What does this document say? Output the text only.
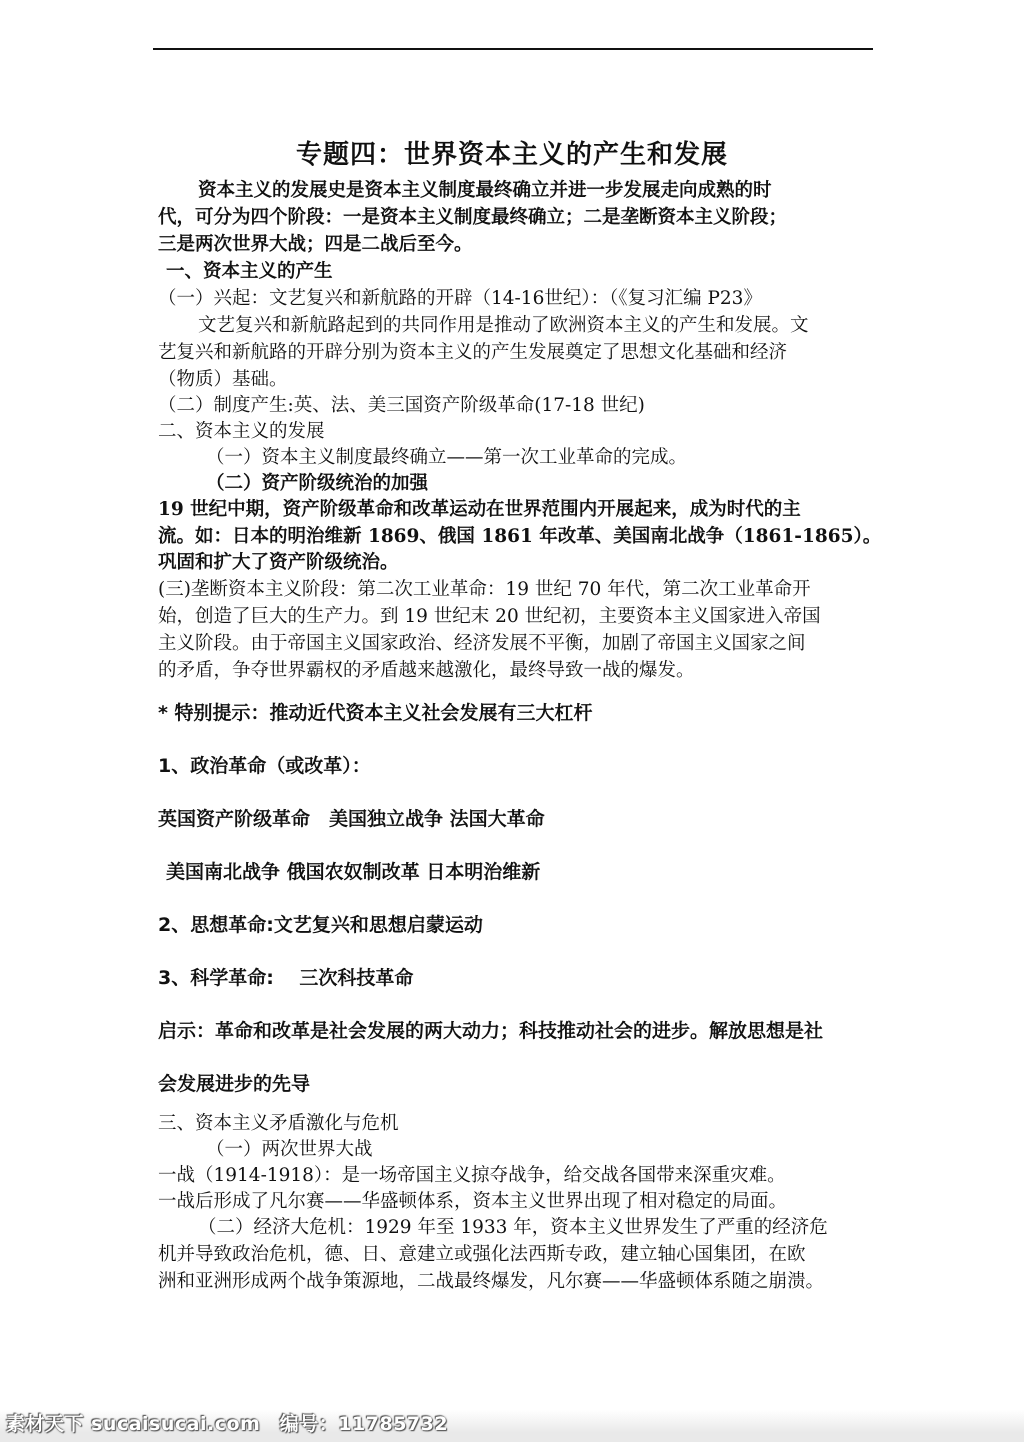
专题四：世界资本主义的产生和发展
资本主义的发展史是资本主义制度最终确立并进一步发展走向成熟的时
代，可分为四个阶段：一是资本主义制度最终确立；二是垄断资本主义阶段；
三是两次世界大战；四是二战后至今。
一、资本主义的产生
（一）兴起：文艺复兴和新航路的开辟（14-16世纪）：（《复习汇编 P23》
文艺复兴和新航路起到的共同作用是推动了欧洲资本主义的产生和发展。文
艺复兴和新航路的开辟分别为资本主义的产生发展奠定了思想文化基础和经济
（物质）基础。
（二）制度产生:英、法、美三国资产阶级革命(17-18 世纪)
二、资本主义的发展
（一）资本主义制度最终确立——第一次工业革命的完成。
（二）资产阶级统治的加强
19 世纪中期，资产阶级革命和改革运动在世界范围内开展起来，成为时代的主
流。如：日本的明治维新 1869、俄国 1861 年改革、美国南北战争（1861-1865）。
巩固和扩大了资产阶级统治。
(三)垄断资本主义阶段：第二次工业革命：19 世纪 70 年代，第二次工业革命开
始，创造了巨大的生产力。到 19 世纪末 20 世纪初，主要资本主义国家进入帝国
主义阶段。由于帝国主义国家政治、经济发展不平衡，加剧了帝国主义国家之间
的矛盾，争夺世界霸权的矛盾越来越激化，最终导致一战的爆发。
* 特别提示：推动近代资本主义社会发展有三大杠杆
1、政治革命（或改革）：
英国资产阶级革命　美国独立战争 法国大革命
美国南北战争 俄国农奴制改革 日本明治维新
2、思想革命:文艺复兴和思想启蒙运动
3、科学革命:　 三次科技革命
启示：革命和改革是社会发展的两大动力；科技推动社会的进步。解放思想是社
会发展进步的先导
三、资本主义矛盾激化与危机
（一）两次世界大战
一战（1914-1918）：是一场帝国主义掠夺战争，给交战各国带来深重灾难。
一战后形成了凡尔赛——华盛顿体系，资本主义世界出现了相对稳定的局面。
（二）经济大危机：1929 年至 1933 年，资本主义世界发生了严重的经济危
机并导致政治危机，德、日、意建立或强化法西斯专政，建立轴心国集团，在欧
洲和亚洲形成两个战争策源地，二战最终爆发，凡尔赛——华盛顿体系随之崩溃。
素材天下 sucaisucai.com　编号：11785732
